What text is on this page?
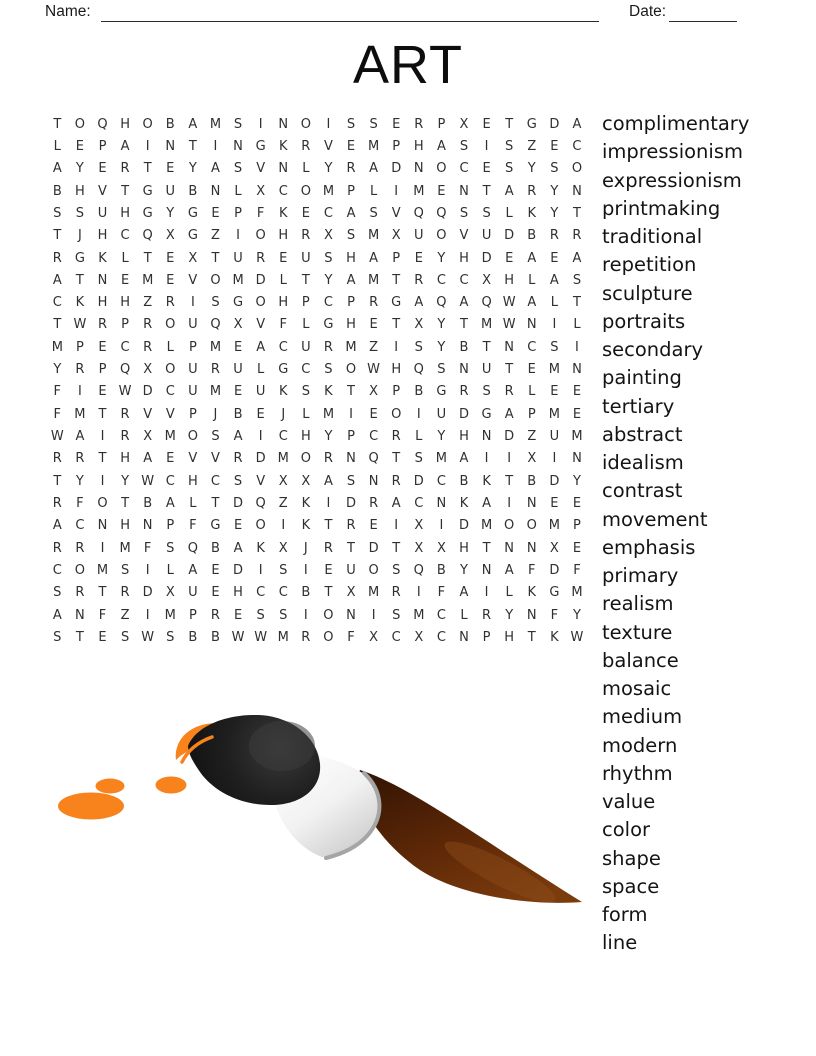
Name:	Date:
ART
T	O Q H O	B	A M S	I	N O	I	S	S	E	R	P	X	E	T	G D	A
L	E	P	A	I	N	T	I	N G	K	R	V	E M	P	H	A	S	I	S	Z	E	C
A	Y	E	R	T	E	Y	A	S	V	N	L	Y	R	A	D N O C	E	S	Y	S	O
B	H	V	T	G U	B	N	L	X	C O M	P	L	I	M E	N	T	A	R	Y	N
S	S	U H G	Y	G	E	P	F	K	E	C	A	S	V	Q Q	S	S	L	K	Y	T
T	J	H	C Q	X	G	Z	I	O H	R	X	S M X	U O	V	U D	B	R	R
R	G	K	L	T	E	X	T	U	R	E	U	S	H	A	P	E	Y	H D	E	A	E	A
A	T	N	E M E	V	O M D	L	T	Y	A M	T	R	C	C	X	H	L	A	S
C	K	H H	Z	R	I	S	G O H	P	C	P	R	G	A	Q	A	Q W A	L	T
T W R	P	R O U Q	X	V	F	L	G H	E	T	X	Y	T	M W N	I	L
M	P	E	C	R	L	P	M E	A	C	U	R M Z	I	S	Y	B	T	N	C	S	I
Y	R	P	Q	X	O U	R	U	L	G	C	S	O W H Q	S	N U	T	E M N
F	I	E W D	C	U M E	U	K	S	K	T	X	P	B	G	R	S	R	L	E	E
F	M	T	R	V	V	P	J	B	E	J	L	M	I	E	O	I	U D G	A	P	M E
W A	I	R	X M O	S	A	I	C	H	Y	P	C	R	L	Y	H N D	Z	U M
R	R	T	H	A	E	V	V	R	D M O R	N Q	T	S M A	I	I	X	I	N
T	Y	I	Y W C	H	C	S	V	X	X	A	S	N	R	D	C	B	K	T	B	D	Y
R	F	O	T	B	A	L	T	D Q	Z	K	I	D	R	A	C	N	K	A	I	N	E	E
A	C	N H N	P	F	G	E	O	I	K	T	R	E	I	X	I	D M O O M	P
R	R	I	M	F	S	Q	B	A	K	X	J	R	T	D	T	X	X	H	T	N N	X	E
C O M S	I	L	A	E	D	I	S	I	E	U O	S	Q	B	Y	N	A	F	D	F
S	R	T	R	D	X	U	E	H	C	C	B	T	X M R	I	F	A	I	L	K	G M
A	N	F	Z	I	M	P	R	E	S	S	I	O N	I	S M C	L	R	Y	N	F	Y
S	T	E	S W S	B	B W W M R O	F	X	C	X	C	N	P	H	T	K W
complimentary
impressionism
expressionism
printmaking
traditional
repetition
sculpture
portraits
secondary
painting
tertiary
abstract
idealism
contrast
movement
emphasis
primary
realism
texture
balance
mosaic
medium
modern
rhythm
value
color
shape
space
form
line
